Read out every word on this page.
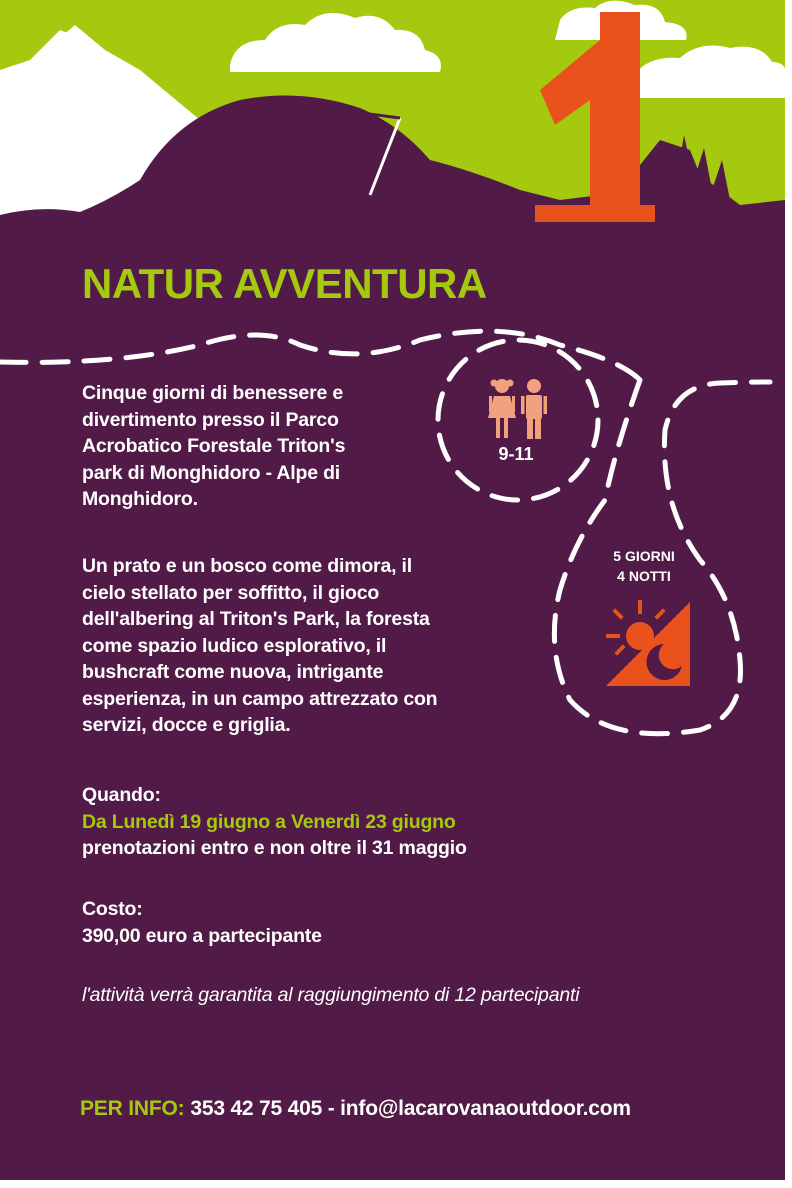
NATUR AVVENTURA

Cinque giorni di benessere e
divertimento presso il Parco
Acrobatico Forestale Triton's
park di Monghidoro - Alpe di
Monghidoro.

Un prato e un bosco come dimora, il
cielo stellato per soffitto, il gioco
dell'albering al Triton's Park, la foresta
come spazio ludico esplorativo, il
bushcraft come nuova, intrigante
esperienza, in un campo attrezzato con
servizi, docce e griglia.

Quando:
Da Lunedì 19 giugno a Venerdì 23 giugno
prenotazioni entro e non oltre il 31 maggio

Costo:
390,00 euro a partecipante

l'attività verrà garantita al raggiungimento di 12 partecipanti

9-11
5 GIORNI
4 NOTTI
PER INFO: 353 42 75 405 - info@lacarovanaoutdoor.com
